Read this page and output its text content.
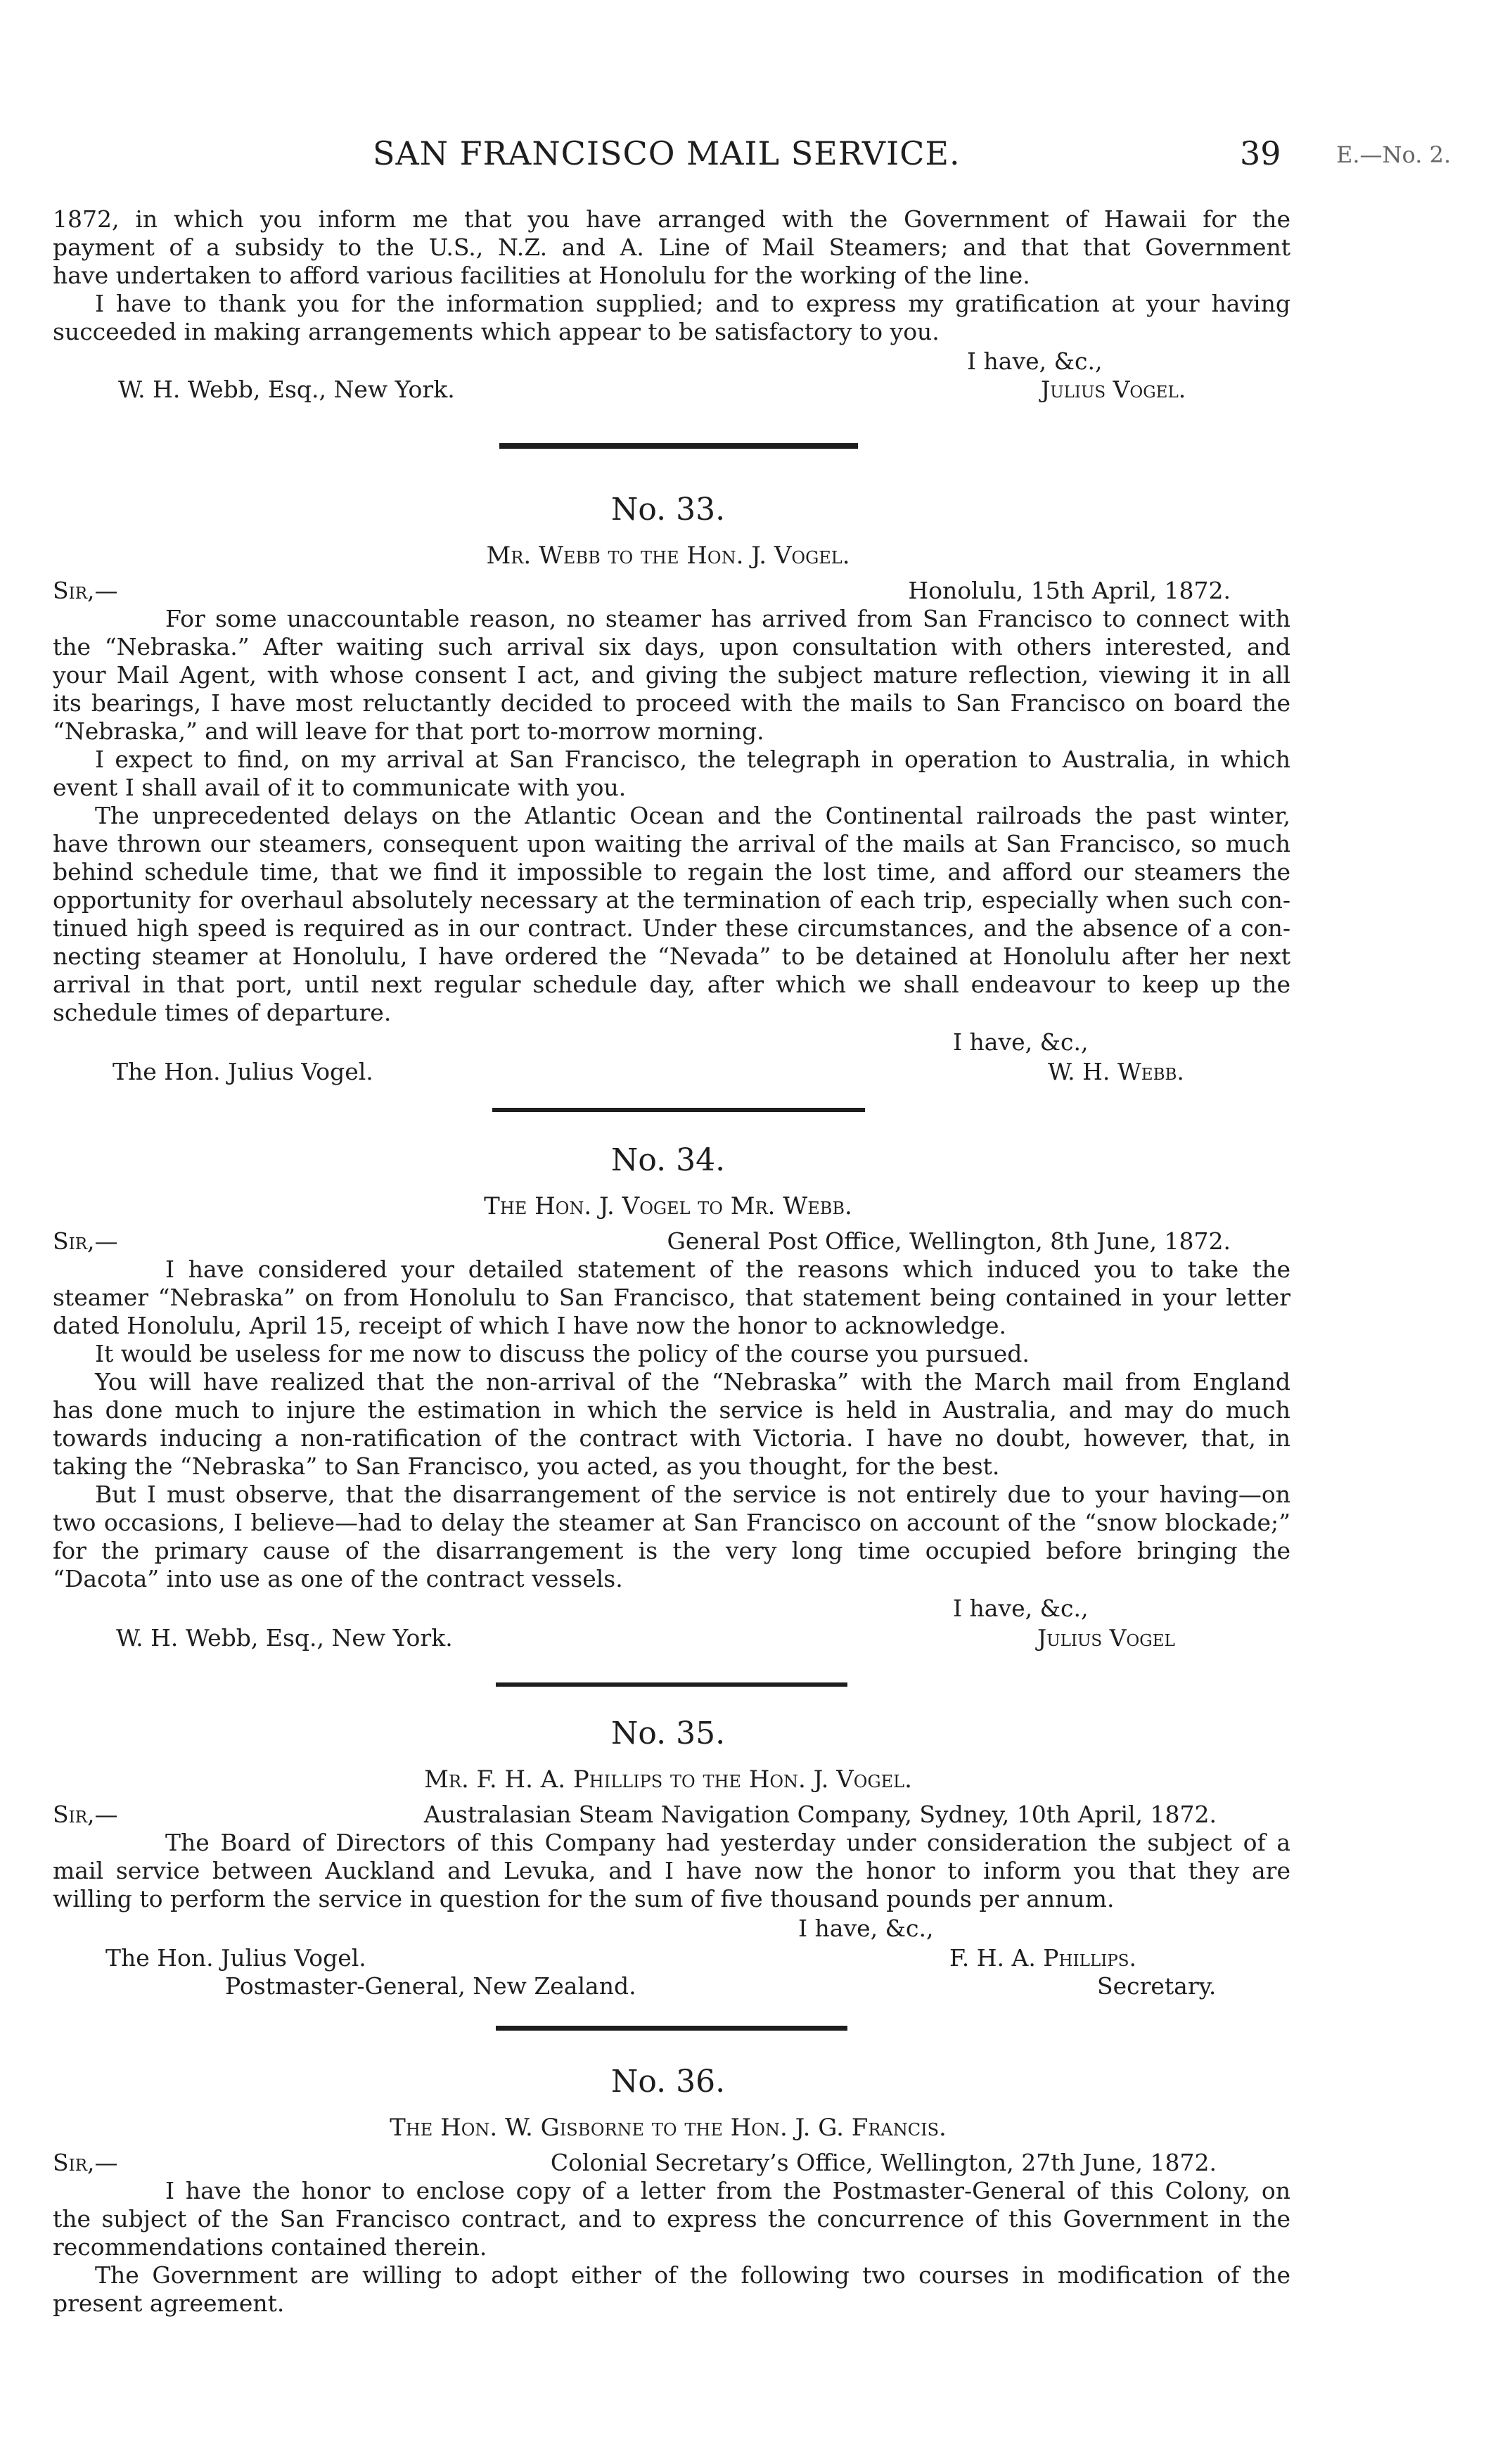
SAN FRANCISCO MAIL SERVICE.	39 E.—No. 2.
1872, in which you inform me that you have arranged with the Government of Hawaii for the
payment of a subsidy to the U.S., N.Z. and A. Line of Mail Steamers; and that that Government
have undertaken to afford various facilities at Honolulu for the working of the line.
I have to thank you for the information supplied; and to express my gratification at your having
succeeded in making arrangements which appear to be satisfactory to you.
I have, &c.,
W. H. Webb, Esq., New York.	Julius Vogel.
No. 33.
Mr. Webb to the Hon. J. Vogel.
Sir,—	Honolulu, 15th April, 1872.
For some unaccountable reason, no steamer has arrived from San Francisco to connect with
the “Nebraska.” After waiting such arrival six days, upon consultation with others interested, and
your Mail Agent, with whose consent I act, and giving the subject mature reflection, viewing it in all
its bearings, I have most reluctantly decided to proceed with the mails to San Francisco on board the
“Nebraska,” and will leave for that port to-morrow morning.
I expect to find, on my arrival at San Francisco, the telegraph in operation to Australia, in which
event I shall avail of it to communicate with you.
The unprecedented delays on the Atlantic Ocean and the Continental railroads the past winter,
have thrown our steamers, consequent upon waiting the arrival of the mails at San Francisco, so much
behind schedule time, that we find it impossible to regain the lost time, and afford our steamers the
opportunity for overhaul absolutely necessary at the termination of each trip, especially when such con-
tinued high speed is required as in our contract. Under these circumstances, and the absence of a con-
necting steamer at Honolulu, I have ordered the “Nevada” to be detained at Honolulu after her next
arrival in that port, until next regular schedule day, after which we shall endeavour to keep up the
schedule times of departure.
I have, &c.,
The Hon. Julius Vogel.	W. H. Webb.
No. 34.
The Hon. J. Vogel to Mr. Webb.
Sir,—	General Post Office, Wellington, 8th June, 1872.
I have considered your detailed statement of the reasons which induced you to take the
steamer “Nebraska” on from Honolulu to San Francisco, that statement being contained in your letter
dated Honolulu, April 15, receipt of which I have now the honor to acknowledge.
It would be useless for me now to discuss the policy of the course you pursued.
You will have realized that the non-arrival of the “Nebraska” with the March mail from England
has done much to injure the estimation in which the service is held in Australia, and may do much
towards inducing a non-ratification of the contract with Victoria. I have no doubt, however, that, in
taking the “Nebraska” to San Francisco, you acted, as you thought, for the best.
But I must observe, that the disarrangement of the service is not entirely due to your having—on
two occasions, I believe—had to delay the steamer at San Francisco on account of the “snow blockade;”
for the primary cause of the disarrangement is the very long time occupied before bringing the
“Dacota” into use as one of the contract vessels.
I have, &c.,
W. H. Webb, Esq., New York.	Julius Vogel
No. 35.
Mr. F. H. A. Phillips to the Hon. J. Vogel.
Sir,—	Australasian Steam Navigation Company, Sydney, 10th April, 1872.
The Board of Directors of this Company had yesterday under consideration the subject of a
mail service between Auckland and Levuka, and I have now the honor to inform you that they are
willing to perform the service in question for the sum of five thousand pounds per annum.
I have, &c.,
The Hon. Julius Vogel.	F. H. A. Phillips.
Postmaster-General, New Zealand.	Secretary.
No. 36.
The Hon. W. Gisborne to the Hon. J. G. Francis.
Sir,—	Colonial Secretary’s Office, Wellington, 27th June, 1872.
I have the honor to enclose copy of a letter from the Postmaster-General of this Colony, on
the subject of the San Francisco contract, and to express the concurrence of this Government in the
recommendations contained therein.
The Government are willing to adopt either of the following two courses in modification of the
present agreement.
